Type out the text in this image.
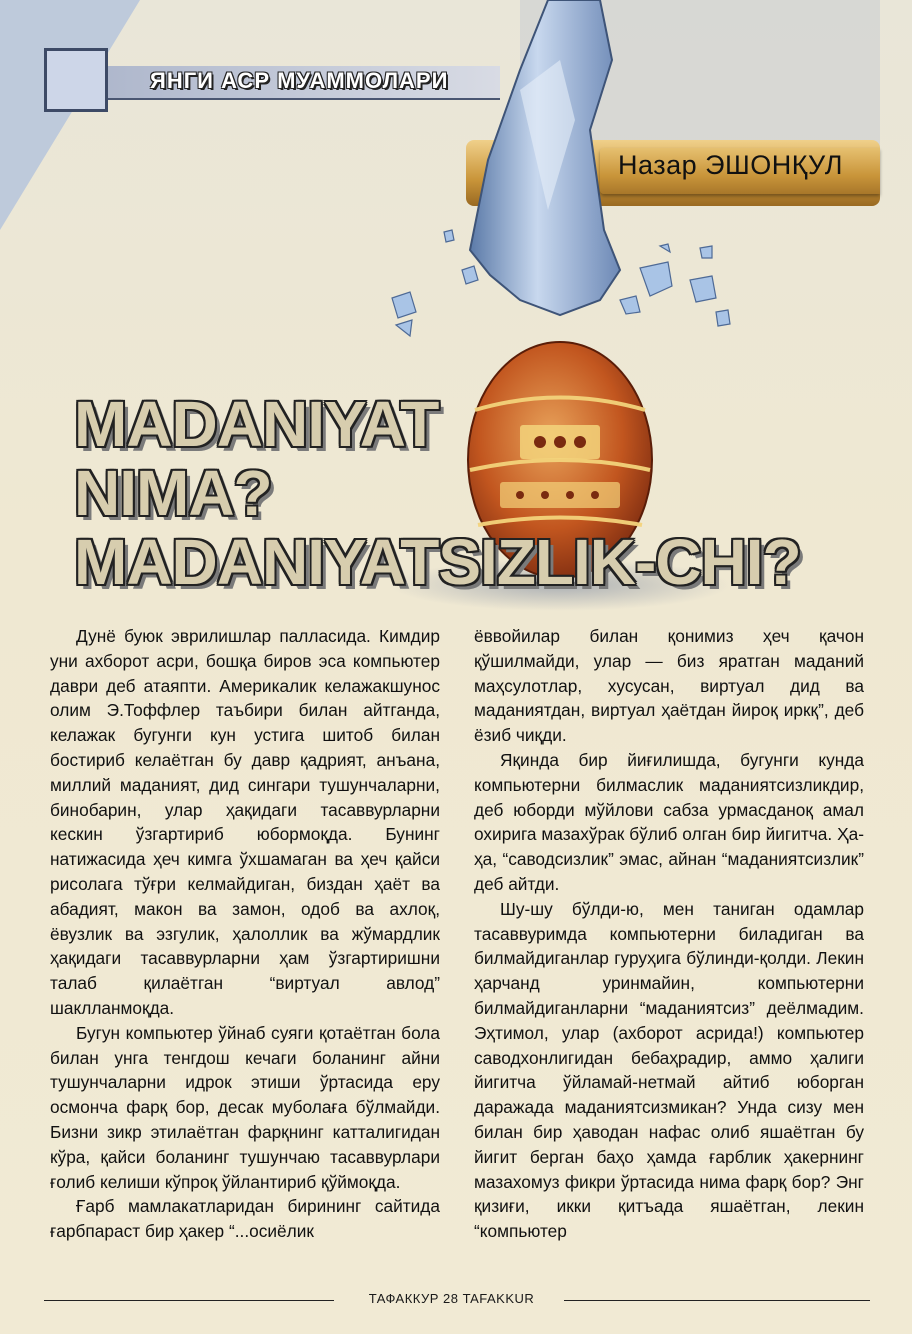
ЯНГИ АСР МУАММОЛАРИ
Назар ЭШОНҚУЛ
MADANIYAT
NIMA?
MADANIYATSIZLIK-CHI?

Дунё буюк эврилишлар палласида. Кимдир уни ахборот асри, бошқа биров эса компьютер даври деб атаяпти. Америкалик келажакшунос олим Э.Тоффлер таъбири билан айтганда, келажак бугунги кун устига шитоб билан бостириб келаётган бу давр қадрият, анъана, миллий маданият, дид сингари тушунчаларни, бинобарин, улар ҳақидаги тасаввурларни кескин ўзгартириб юбормоқда. Бунинг натижасида ҳеч кимга ўхшамаган ва ҳеч қайси рисолага тўғри келмайдиган, биздан ҳаёт ва абадият, макон ва замон, одоб ва ахлоқ, ёвузлик ва эзгулик, ҳалоллик ва жўмардлик ҳақидаги тасаввурларни ҳам ўзгартиришни талаб қилаётган “виртуал авлод” шаклланмоқда.

Бугун компьютер ўйнаб суяги қотаётган бола билан унга тенгдош кечаги боланинг айни тушунчаларни идрок этиши ўртасида еру осмонча фарқ бор, десак муболаға бўлмайди. Бизни зикр этилаётган фарқнинг катталигидан кўра, қайси боланинг тушунчаю тасаввурлари ғолиб келиши кўпроқ ўйлантириб қўймоқда.

Ғарб мамлакатларидан бирининг сайтида ғарбпараст бир ҳакер “...осиёлик

ёввойилар билан қонимиз ҳеч қачон қўшилмайди, улар — биз яратган маданий маҳсулотлар, хусусан, виртуал дид ва маданиятдан, виртуал ҳаётдан йироқ иркқ”, деб ёзиб чиқди.

Яқинда бир йиғилишда, бугунги кунда компьютерни билмаслик маданиятсизликдир, деб юборди мўйлови сабза урмасданоқ амал охирига мазахўрак бўлиб олган бир йигитча. Ҳа-ҳа, “саводсизлик” эмас, айнан “маданиятсизлик” деб айтди.

Шу-шу бўлди-ю, мен таниган одамлар тасаввуримда компьютерни биладиган ва билмайдиганлар гуруҳига бўлинди-қолди. Лекин ҳарчанд уринмайин, компьютерни билмайдиганларни “маданиятсиз” деёлмадим. Эҳтимол, улар (ахборот асрида!) компьютер саводхонлигидан бебаҳрадир, аммо ҳалиги йигитча ўйламай-нетмай айтиб юборган даражада маданиятсизмикан? Унда сизу мен билан бир ҳаводан нафас олиб яшаётган бу йигит берган баҳо ҳамда ғарблик ҳакернинг мазахомуз фикри ўртасида нима фарқ бор? Энг қизиғи, икки қитъада яшаётган, лекин “компьютер

ТАФАККУР 28 TAFAKKUR
